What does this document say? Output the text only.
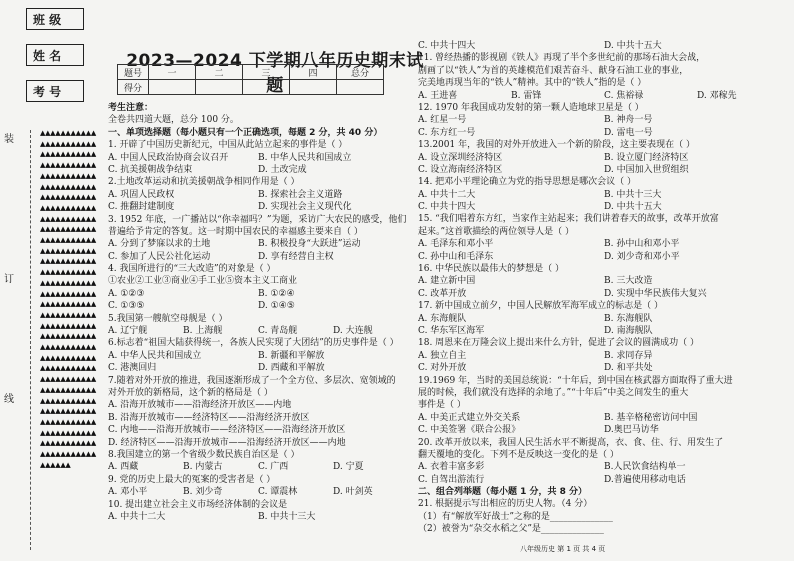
班 级
姓 名
考 号
装
订
线
▲▲▲▲▲▲▲▲▲▲▲▲▲▲▲▲▲▲▲▲▲▲▲▲▲▲▲▲▲▲▲▲▲▲▲▲▲▲▲▲▲▲▲▲▲▲▲▲▲▲▲▲▲▲▲▲▲▲▲▲▲▲▲▲▲▲▲▲▲▲▲▲▲▲▲▲▲▲▲▲▲▲▲▲▲▲▲▲▲▲▲▲▲▲▲▲▲▲▲▲▲▲▲▲▲▲▲▲▲▲▲▲▲▲▲▲▲▲▲▲▲▲▲▲▲▲▲▲▲▲▲▲▲▲▲▲▲▲▲▲▲▲▲▲▲▲▲▲▲▲▲▲▲▲▲▲▲▲▲▲▲▲▲▲▲▲▲▲▲▲▲▲▲▲▲▲▲▲▲▲▲▲▲▲▲▲▲▲▲▲▲▲▲▲▲▲▲▲▲▲▲▲▲▲▲▲▲▲▲▲▲▲▲▲▲▲▲▲▲▲▲▲▲▲▲▲▲▲▲▲▲▲▲▲▲▲▲▲▲▲▲▲▲▲▲▲▲▲▲▲▲▲▲▲▲▲▲▲▲▲▲▲▲▲▲▲▲▲▲▲▲▲▲▲▲▲▲▲▲▲▲▲▲▲▲▲▲▲▲▲▲▲▲▲▲▲▲▲▲▲▲▲▲▲▲▲▲▲▲▲▲▲▲▲▲▲▲▲▲▲▲▲▲▲▲▲▲▲▲▲▲▲▲▲▲▲▲▲▲▲▲▲▲▲▲▲▲
2023—2024 下学期八年历史期末试题
题号	一	二	三	四	总分
得分					
考生注意：
全卷共四道大题，总分 100 分。
一、单项选择题（每小题只有一个正确选项，每题 2 分，共 40 分）
1. 开辟了中国历史新纪元，中国从此站立起来的事件是（ ）
A. 中国人民政治协商会议召开	B. 中华人民共和国成立
C. 抗美援朝战争结束	D. 土改完成
2.土地改革运动和抗美援朝战争相同作用是（ ）
A. 巩固人民政权	B. 探索社会主义道路
C. 推翻封建制度	D. 实现社会主义现代化
3. 1952 年底，一广播站以“你幸福吗？”为题，采访广大农民的感受，他们
普遍给予肯定的答复。这一时期中国农民的幸福感主要来自（ ）
A. 分到了梦寐以求的土地	B. 积极投身“大跃进”运动
C. 参加了人民公社化运动	D. 享有经营自主权
4. 我国所进行的“三大改造”的对象是（ ）
①农业②工业③商业④手工业⑤资本主义工商业
A. ①②③	B. ①②④
C. ①③⑤	D. ①④⑤
5.我国第一艘航空母舰是（ ）
A. 辽宁舰	B. 上海舰	C. 青岛舰	D. 大连舰
6.标志着“祖国大陆获得统一，各族人民实现了大团结”的历史事件是（ ）
A. 中华人民共和国成立	B. 新疆和平解放
C. 港澳回归	D. 西藏和平解放
7.随着对外开放的推进，我国逐渐形成了一个全方位、多层次、宽领域的
对外开放的新格局，这个新的格局是（ ）
A. 沿海开放城市——沿海经济开放区——内地
B. 沿海开放城市——经济特区——沿海经济开放区
C. 内地——沿海开放城市——经济特区——沿海经济开放区
D. 经济特区——沿海开放城市——沿海经济开放区——内地
8.我国建立的第一个省级少数民族自治区是（ ）
A. 西藏	B. 内蒙古	C. 广西	D. 宁夏
9. 党的历史上最大的冤案的受害者是（ ）
A. 邓小平	B. 刘少奇	C. 谭震林	D. 叶剑英
10. 提出建立社会主义市场经济体制的会议是
A. 中共十二大	B. 中共十三大
C. 中共十四大	D. 中共十五大
11. 曾经热播的影视剧《铁人》再现了半个多世纪前的那场石油大会战，
剧画了以“铁人”为首的英雄模范们艰苦奋斗、献身石油工业的事业，
完美地再现当年的“铁人”精神。其中的“铁人”指的是（ ）
A. 王进喜	B. 雷锋	C. 焦裕禄	D. 邓稼先
12. 1970 年我国成功发射的第一颗人造地球卫星是（ ）
A. 红星一号	B. 神舟一号
C. 东方红一号	D. 雷电一号
13.2001 年，我国的对外开放进入一个新的阶段，这主要表现在（ ）
A. 设立深圳经济特区	B. 设立厦门经济特区
C. 设立海南经济特区	D. 中国加入世贸组织
14. 把邓小平理论确立为党的指导思想是哪次会议（ ）
A. 中共十二大	B. 中共十三大
C. 中共十四大	D. 中共十五大
15. “我们唱着东方红，当家作主站起来；我们讲着春天的故事，改革开放富
起来。”这首歌描绘的两位领导人是（ ）
A. 毛泽东和邓小平	B. 孙中山和邓小平
C. 孙中山和毛泽东	D. 刘少奇和邓小平
16. 中华民族以最伟大的梦想是（ ）
A. 建立新中国	B. 三大改造
C. 改革开放	D. 实现中华民族伟大复兴
17. 新中国成立前夕，中国人民解放军海军成立的标志是（ ）
A. 东海舰队	B. 东海舰队
C. 华东军区海军	D. 南海舰队
18. 周恩来在万隆会议上提出来什么方针，促进了会议的圆满成功（ ）
A. 独立自主	B. 求同存异
C. 对外开放	D. 和平共处
19.1969 年，当时的美国总统说：“十年后，到中国在核武器方面取得了重大进
展的时候，我们就没有选择的余地了。”“十年后”中美之间发生的重大
事件是（ ）
A. 中美正式建立外交关系	B. 基辛格秘密访问中国
C. 中美签署《联合公报》	D.奥巴马访华
20. 改革开放以来，我国人民生活水平不断提高，衣、食、住、行、用发生了
翻天覆地的变化。下列不是反映这一变化的是（ ）
A. 衣着丰富多彩	B.人民饮食结构单一
C. 自驾出游流行	D.普遍使用移动电话
二、组合列举题（每小题 1 分，共 8 分）
21. 根据提示写出相应的历史人物。（4 分）
（1）有“解放军好战士”之称的是______________
（2）被誉为“杂交水稻之父”是______________
八年级历史 第 1 页 共 4 页
